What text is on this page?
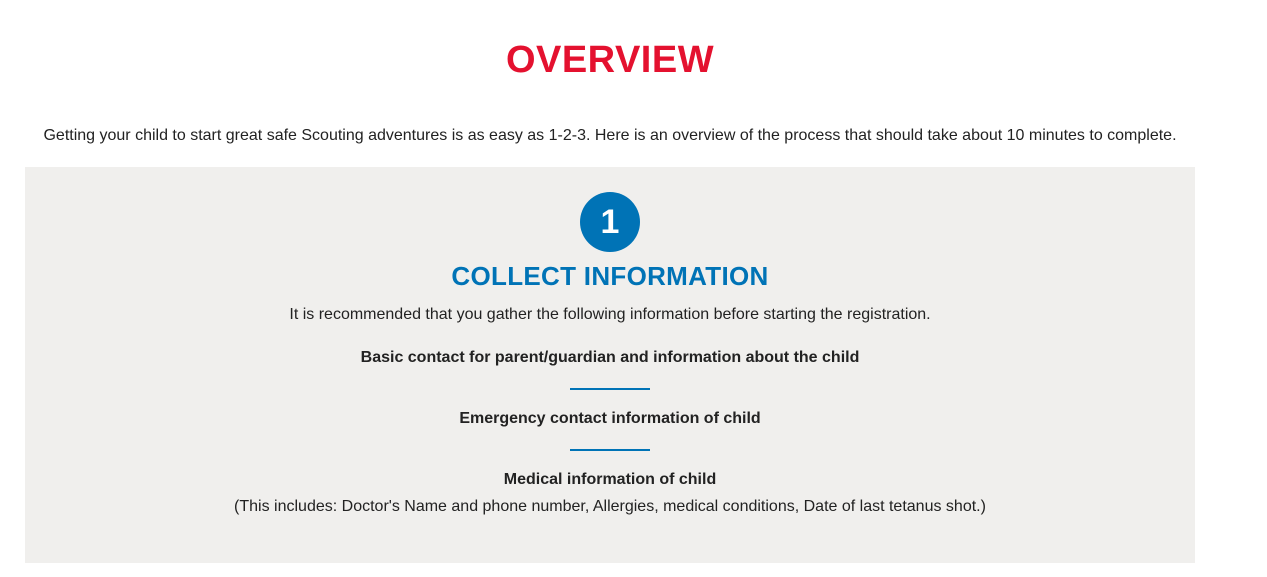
OVERVIEW

Getting your child to start great safe Scouting adventures is as easy as 1-2-3. Here is an overview of the process that should take about 10 minutes to complete.

1
COLLECT INFORMATION

It is recommended that you gather the following information before starting the registration.

Basic contact for parent/guardian and information about the child

Emergency contact information of child

Medical information of child

(This includes: Doctor's Name and phone number, Allergies, medical conditions, Date of last tetanus shot.)
